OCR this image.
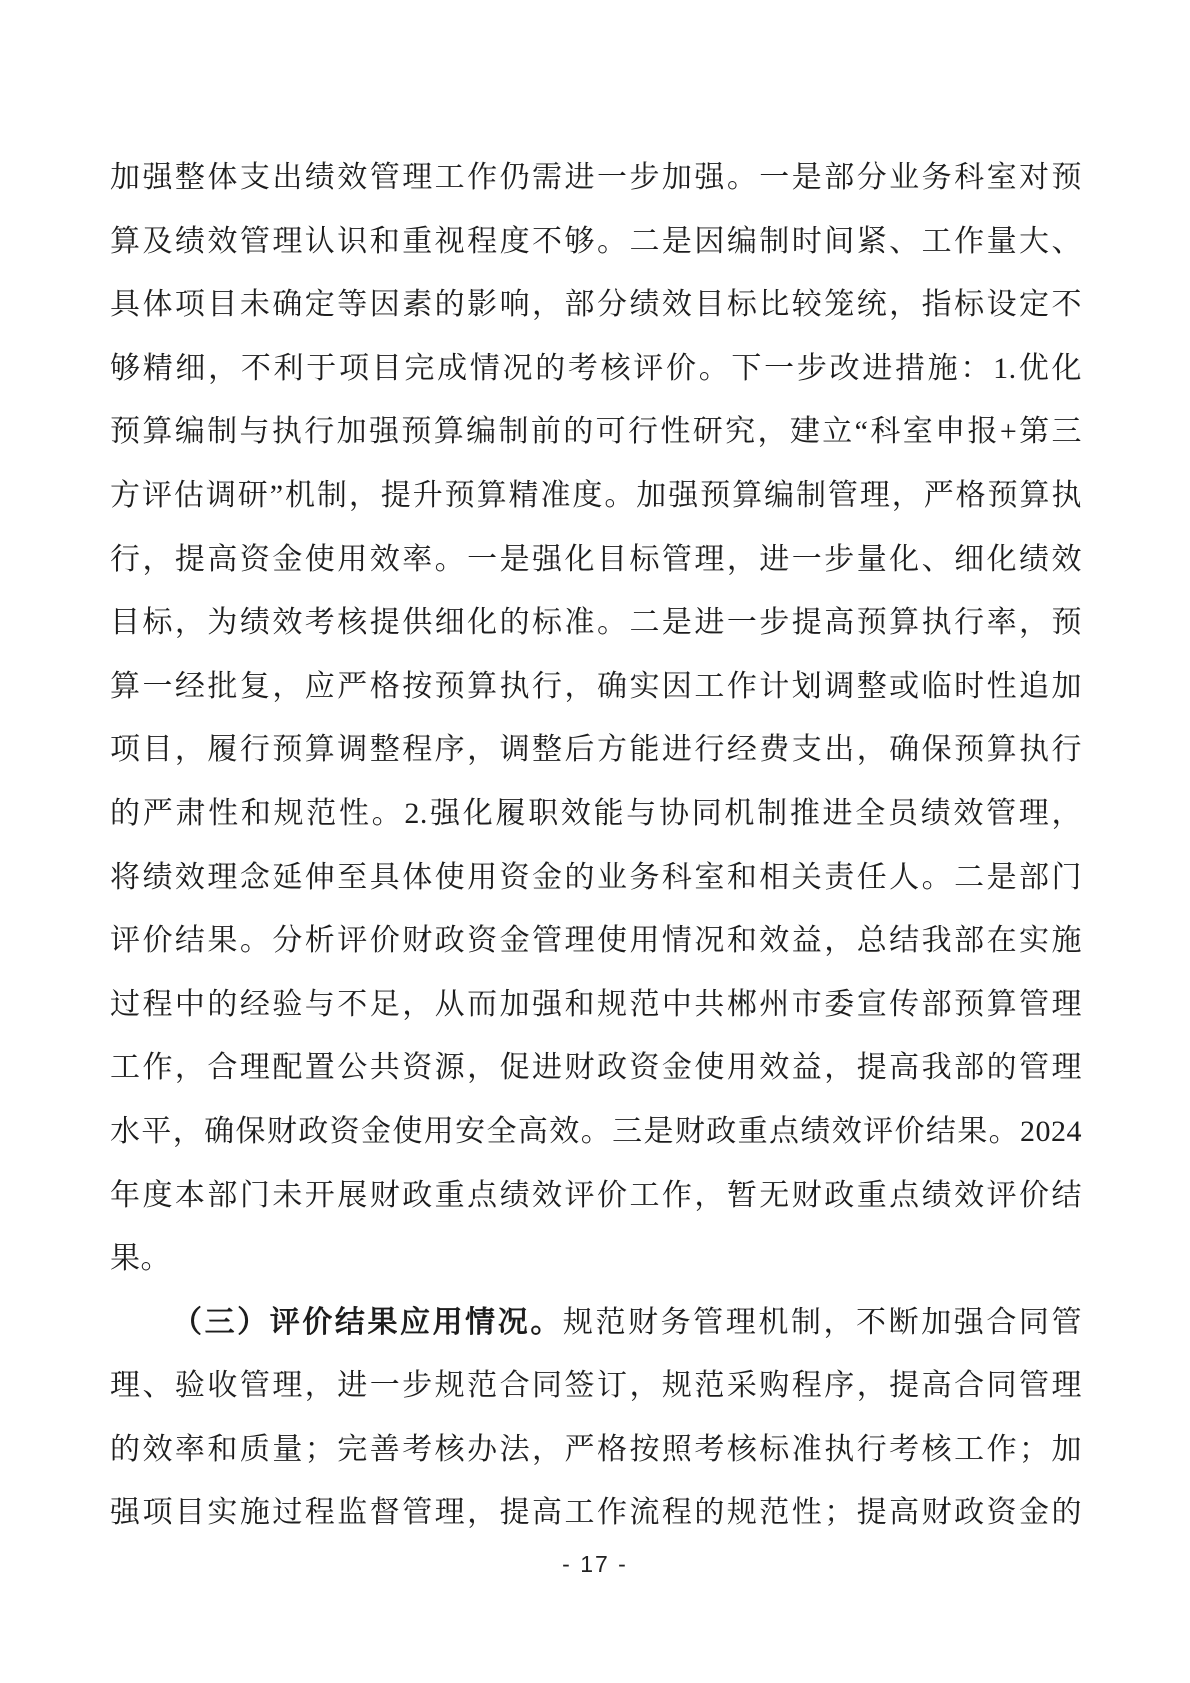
加强整体支出绩效管理工作仍需进一步加强。一是部分业务科室对预
算及绩效管理认识和重视程度不够。二是因编制时间紧、工作量大、
具体项目未确定等因素的影响，部分绩效目标比较笼统，指标设定不
够精细，不利于项目完成情况的考核评价。下一步改进措施：1.优化
预算编制与执行加强预算编制前的可行性研究，建立“科室申报+第三
方评估调研”机制，提升预算精准度。加强预算编制管理，严格预算执
行，提高资金使用效率。一是强化目标管理，进一步量化、细化绩效
目标，为绩效考核提供细化的标准。二是进一步提高预算执行率，预
算一经批复，应严格按预算执行，确实因工作计划调整或临时性追加
项目，履行预算调整程序，调整后方能进行经费支出，确保预算执行
的严肃性和规范性。2.强化履职效能与协同机制推进全员绩效管理，
将绩效理念延伸至具体使用资金的业务科室和相关责任人。二是部门
评价结果。分析评价财政资金管理使用情况和效益，总结我部在实施
过程中的经验与不足，从而加强和规范中共郴州市委宣传部预算管理
工作，合理配置公共资源，促进财政资金使用效益，提高我部的管理
水平，确保财政资金使用安全高效。三是财政重点绩效评价结果。2024
年度本部门未开展财政重点绩效评价工作，暂无财政重点绩效评价结
果。
（三）评价结果应用情况。规范财务管理机制，不断加强合同管
理、验收管理，进一步规范合同签订，规范采购程序，提高合同管理
的效率和质量；完善考核办法，严格按照考核标准执行考核工作；加
强项目实施过程监督管理，提高工作流程的规范性；提高财政资金的
- 17 -
